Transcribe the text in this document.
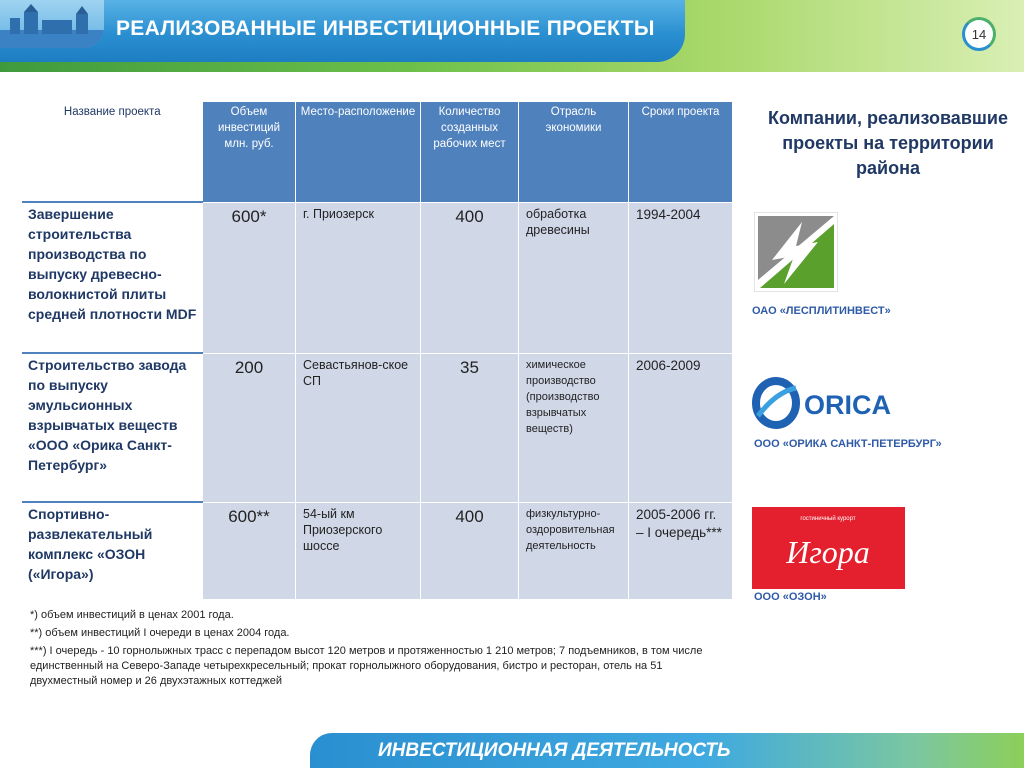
РЕАЛИЗОВАННЫЕ ИНВЕСТИЦИОННЫЕ ПРОЕКТЫ	14
Название проекта	Объем инвестиций млн. руб.	Место-расположение	Количество созданных рабочих мест	Отрасль экономики	Сроки проекта
Завершение строительства производства по выпуску древесно-волокнистой плиты средней плотности MDF	600*	г. Приозерск	400	обработка древесины	1994-2004
Строительство завода по выпуску эмульсионных взрывчатых веществ «ООО «Орика Санкт-Петербург»	200	Севастьянов-ское СП	35	химическое производство (производство взрывчатых веществ)	2006-2009
Спортивно-развлекательный комплекс «ОЗОН («Игора»)	600**	54-ый км Приозерского шоссе	400	физкультурно-оздоровительная деятельность	2005-2006 гг. – I очередь***

*) объем инвестиций в ценах 2001 года.

**) объем инвестиций I очереди в ценах 2004 года.

***) I очередь - 10 горнолыжных трасс с перепадом высот 120 метров и протяженностью 1 210 метров; 7 подъемников, в том числе единственный на Северо-Западе четырехкресельный; прокат горнолыжного оборудования, бистро и ресторан, отель на 51 двухместный номер и 26 двухэтажных коттеджей

Компании, реализовавшие проекты на территории района
ОАО «ЛЕСПЛИТИНВЕСТ»
ORICA
ООО «ОРИКА САНКТ-ПЕТЕРБУРГ»
гостиничный курорт
Игора
ООО «ОЗОН»

ИНВЕСТИЦИОННАЯ ДЕЯТЕЛЬНОСТЬ
